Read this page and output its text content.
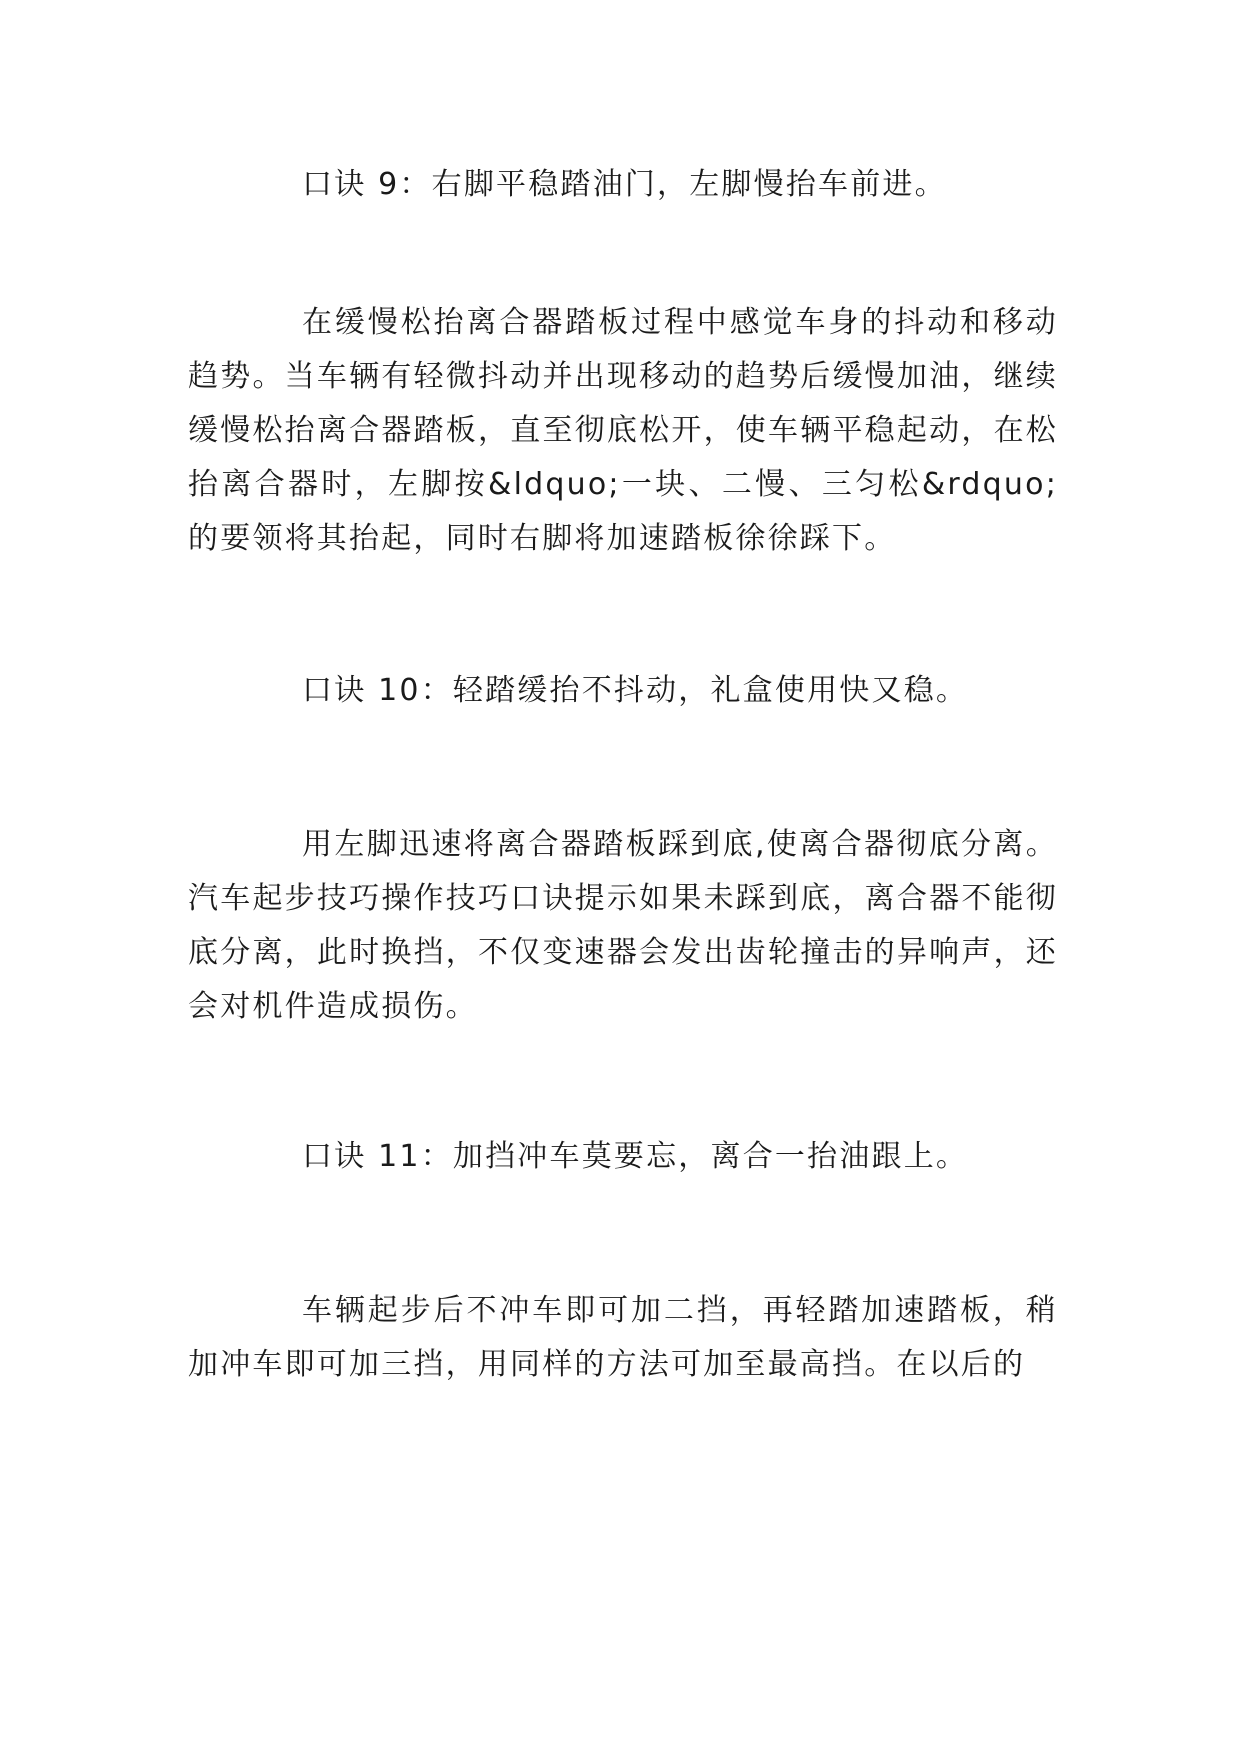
口诀 9：右脚平稳踏油门，左脚慢抬车前进。

在缓慢松抬离合器踏板过程中感觉车身的抖动和移动趋势。当车辆有轻微抖动并出现移动的趋势后缓慢加油，继续缓慢松抬离合器踏板，直至彻底松开，使车辆平稳起动，在松抬离合器时，左脚按&ldquo;一块、二慢、三匀松&rdquo;的要领将其抬起，同时右脚将加速踏板徐徐踩下。

口诀 10：轻踏缓抬不抖动，礼盒使用快又稳。

用左脚迅速将离合器踏板踩到底,使离合器彻底分离。汽车起步技巧操作技巧口诀提示如果未踩到底，离合器不能彻底分离，此时换挡，不仅变速器会发出齿轮撞击的异响声，还会对机件造成损伤。

口诀 11：加挡冲车莫要忘，离合一抬油跟上。

车辆起步后不冲车即可加二挡，再轻踏加速踏板，稍加冲车即可加三挡，用同样的方法可加至最高挡。在以后的
